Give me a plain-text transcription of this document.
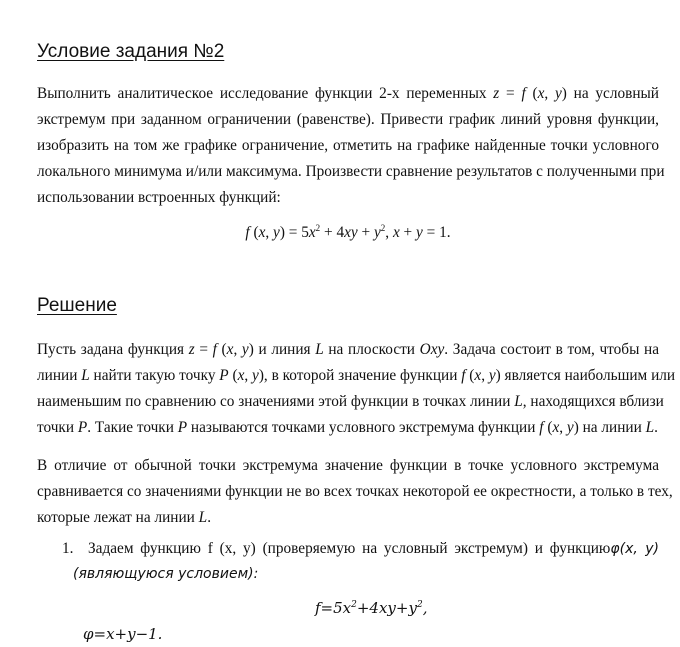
Условие задания №2
Выполнить аналитическое исследование функции 2-х переменных z = f (x, y) на условный
экстремум при заданном ограничении (равенстве). Привести график линий уровня функции,
изобразить на том же графике ограничение, отметить на графике найденные точки условного
локального минимума и/или максимума. Произвести сравнение результатов с полученными при
использовании встроенных функций:
f (x, $y) = 5x^2 + 4xy + y^2$, x + y = 1.
Решение
Пусть задана функция z = f (x, y) и линия L на плоскости Oxy. Задача состоит в том, чтобы на
линии L найти такую точку P (x, y), в которой значение функции f (x, y) является наибольшим или
наименьшим по сравнению со значениями этой функции в точках линии L, находящихся вблизи
точки P. Такие точки P называются точками условного экстремума функции f (x, y) на линии L.
В отличие от обычной точки экстремума значение функции в точке условного экстремума
сравнивается со значениями функции не во всех точках некоторой ее окрестности, а только в тех,
которые лежат на линии L.
1. Задаем функцию f (x, y) (проверяемую на условный экстремум) и функциюφ(x, y)
(являющуюся условием):
$f=5x^2+4xy+y^2$,
φ=x+y−1.
